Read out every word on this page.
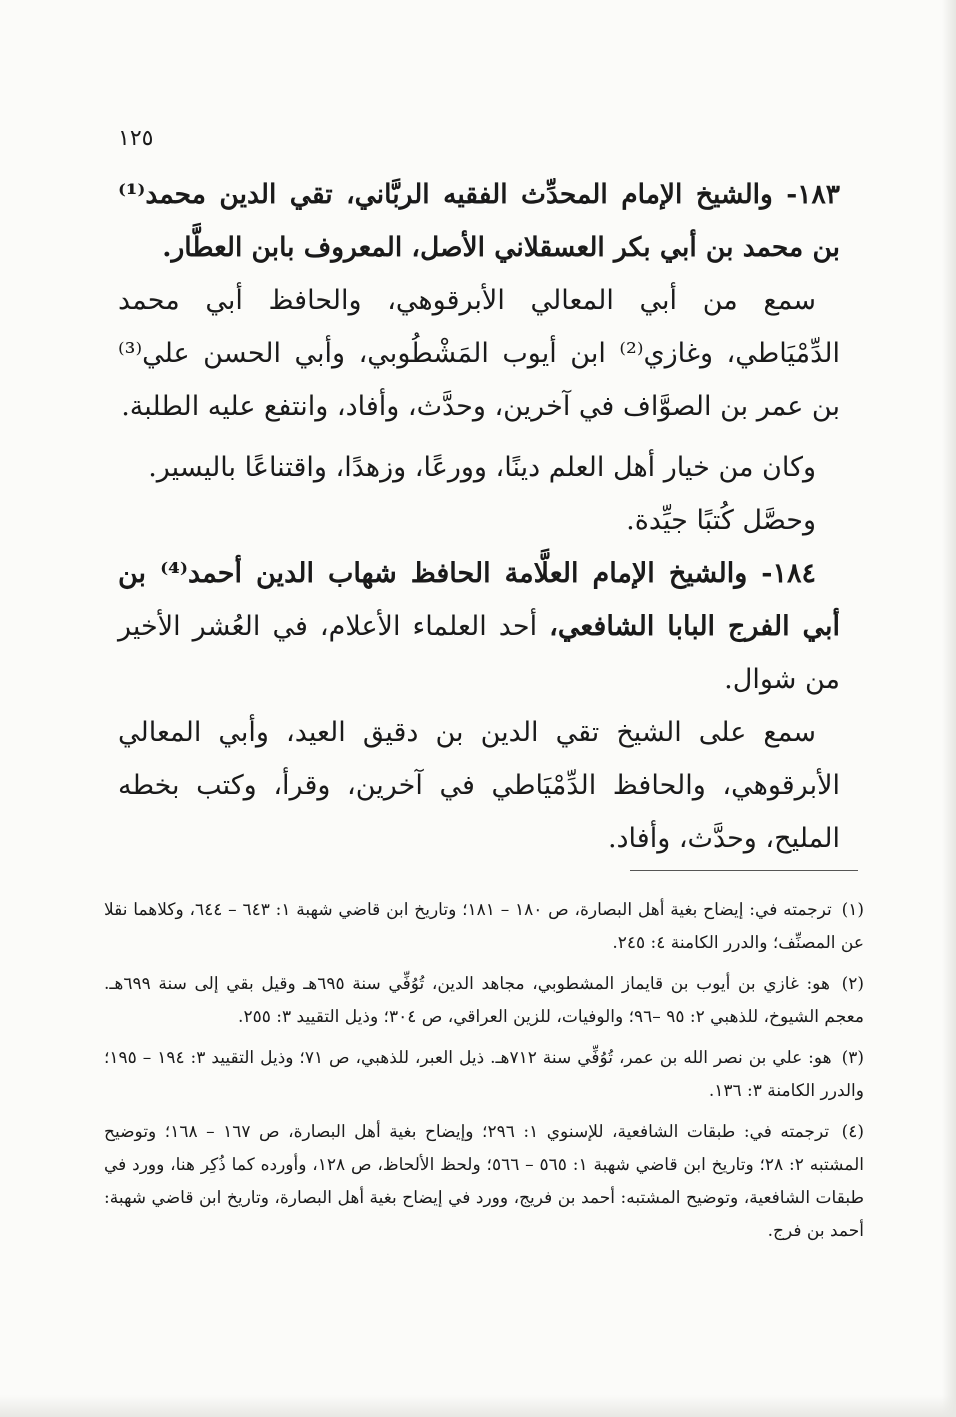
١٢٥

١٨٣- والشيخ الإمام المحدِّث الفقيه الربَّاني، تقي الدين محمد⁽¹⁾ بن محمد بن أبي بكر العسقلاني الأصل، المعروف بابن العطَّار.

سمع من أبي المعالي الأبرقوهي، والحافظ أبي محمد الدِّمْيَاطي، وغازي⁽²⁾ ابن أيوب المَشْطُوبي، وأبي الحسن علي⁽³⁾ بن عمر بن الصوَّاف في آخرين، وحدَّث، وأفاد، وانتفع عليه الطلبة.

وكان من خيار أهل العلم دينًا، وورعًا، وزهدًا، واقتناعًا باليسير.

وحصَّل كُتبًا جيِّدة.

١٨٤- والشيخ الإمام العلَّامة الحافظ شهاب الدين أحمد⁽⁴⁾ بن أبي الفرج البابا الشافعي، أحد العلماء الأعلام، في العُشر الأخير من شوال.

سمع على الشيخ تقي الدين بن دقيق العيد، وأبي المعالي الأبرقوهي، والحافظ الدِّمْيَاطي في آخرين، وقرأ، وكتب بخطه المليح، وحدَّث، وأفاد.

(١) ترجمته في: إيضاح بغية أهل البصارة، ص ١٨٠ – ١٨١؛ وتاريخ ابن قاضي شهبة ١: ٦٤٣ – ٦٤٤، وكلاهما نقلا عن المصنِّف؛ والدرر الكامنة ٤: ٢٤٥.

(٢) هو: غازي بن أيوب بن قايماز المشطوبي، مجاهد الدين، تُوُفِّي سنة ٦٩٥هـ وقيل بقي إلى سنة ٦٩٩هـ. معجم الشيوخ، للذهبي ٢: ٩٥ –٩٦؛ والوفيات، للزين العراقي، ص ٣٠٤؛ وذيل التقييد ٣: ٢٥٥.

(٣) هو: علي بن نصر الله بن عمر، تُوُفِّي سنة ٧١٢هـ. ذيل العبر، للذهبي، ص ٧١؛ وذيل التقييد ٣: ١٩٤ – ١٩٥؛ والدرر الكامنة ٣: ١٣٦.

(٤) ترجمته في: طبقات الشافعية، للإسنوي ١: ٢٩٦؛ وإيضاح بغية أهل البصارة، ص ١٦٧ – ١٦٨؛ وتوضيح المشتبه ٢: ٢٨؛ وتاريخ ابن قاضي شهبة ١: ٥٦٥ – ٥٦٦؛ ولحظ الألحاظ، ص ١٢٨، وأورده كما ذُكِر هنا، وورد في طبقات الشافعية، وتوضيح المشتبه: أحمد بن فريج، وورد في إيضاح بغية أهل البصارة، وتاريخ ابن قاضي شهبة: أحمد بن فرج.
